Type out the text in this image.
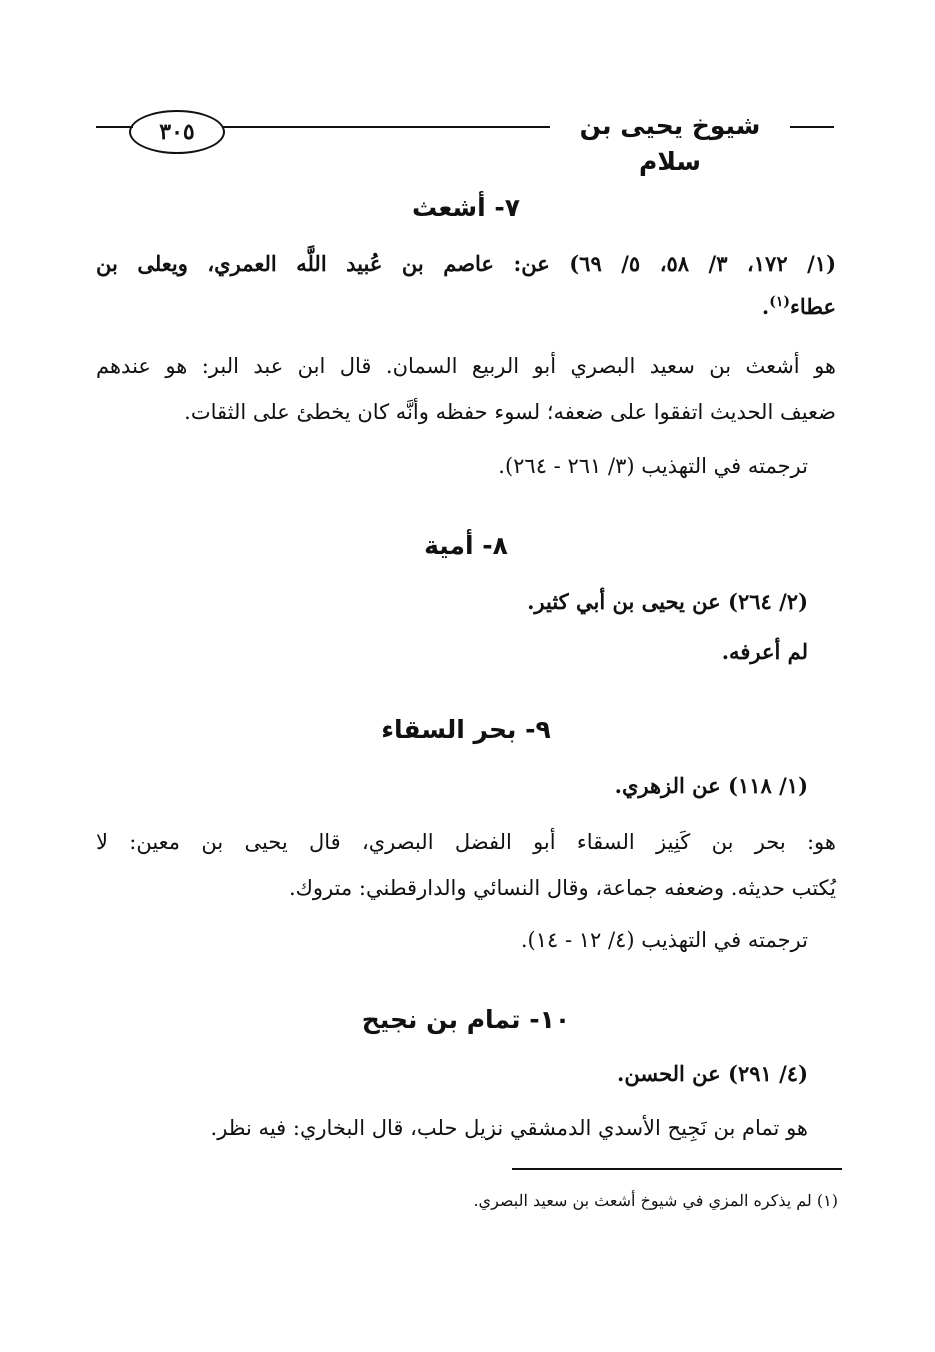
شيوخ يحيى بن سلام
٣٠٥
٧- أشعث
(١/ ١٧٢، ٣/ ٥٨، ٥/ ٦٩) عن: عاصم بن عُبيد اللَّه العمري، ويعلى بن
عطاء$^{(١)}$.
هو أشعث بن سعيد البصري أبو الربيع السمان. قال ابن عبد البر: هو عندهم
ضعيف الحديث اتفقوا على ضعفه؛ لسوء حفظه وأنَّه كان يخطئ على الثقات.
ترجمته في التهذيب (٣/ ٢٦١ - ٢٦٤).
٨- أمية
(٢/ ٢٦٤) عن يحيى بن أبي كثير.
لم أعرفه.
٩- بحر السقاء
(١/ ١١٨) عن الزهري.
هو: بحر بن كَنِيز السقاء أبو الفضل البصري، قال يحيى بن معين: لا
يُكتب حديثه. وضعفه جماعة، وقال النسائي والدارقطني: متروك.
ترجمته في التهذيب (٤/ ١٢ - ١٤).
١٠- تمام بن نجيح
(٤/ ٢٩١) عن الحسن.
هو تمام بن نَجِيح الأسدي الدمشقي نزيل حلب، قال البخاري: فيه نظر.
(١) لم يذكره المزي في شيوخ أشعث بن سعيد البصري.
